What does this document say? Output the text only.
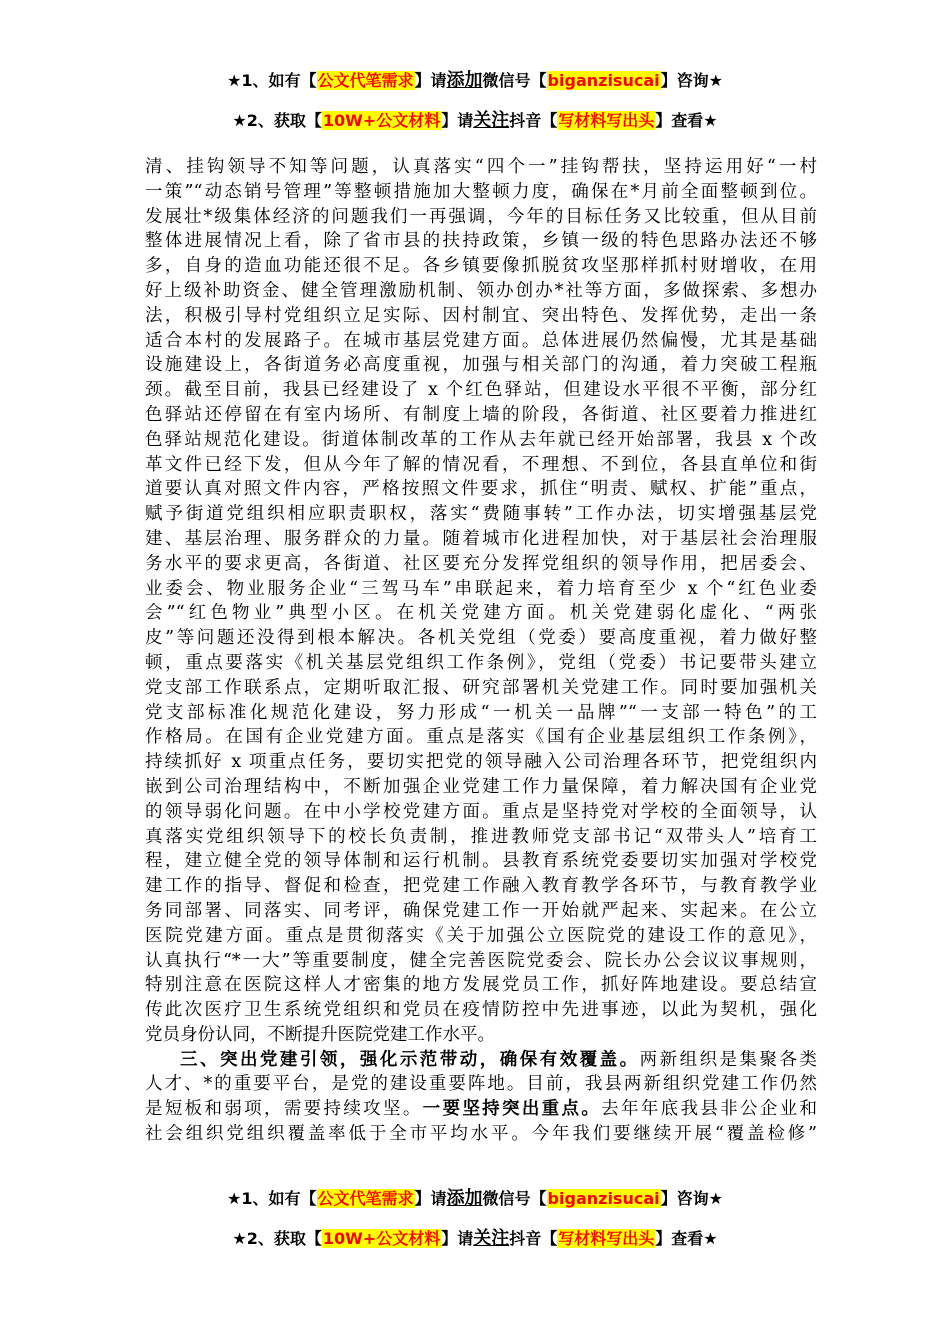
★1、如有【公文代笔需求】请添加微信号【biganzisucai】咨询★
★2、获取【10W+公文材料】请关注抖音【写材料写出头】查看★
清、挂钩领导不知等问题，认真落实“四个一”挂钩帮扶，坚持运用好“一村
一策”“动态销号管理”等整顿措施加大整顿力度，确保在*月前全面整顿到位。
发展壮*级集体经济的问题我们一再强调，今年的目标任务又比较重，但从目前
整体进展情况上看，除了省市县的扶持政策，乡镇一级的特色思路办法还不够
多，自身的造血功能还很不足。各乡镇要像抓脱贫攻坚那样抓村财增收，在用
好上级补助资金、健全管理激励机制、领办创办*社等方面，多做探索、多想办
法，积极引导村党组织立足实际、因村制宜、突出特色、发挥优势，走出一条
适合本村的发展路子。在城市基层党建方面。总体进展仍然偏慢，尤其是基础
设施建设上，各街道务必高度重视，加强与相关部门的沟通，着力突破工程瓶
颈。截至目前，我县已经建设了 x 个红色驿站，但建设水平很不平衡，部分红
色驿站还停留在有室内场所、有制度上墙的阶段，各街道、社区要着力推进红
色驿站规范化建设。街道体制改革的工作从去年就已经开始部署，我县 x 个改
革文件已经下发，但从今年了解的情况看，不理想、不到位，各县直单位和街
道要认真对照文件内容，严格按照文件要求，抓住“明责、赋权、扩能”重点，
赋予街道党组织相应职责职权，落实“费随事转”工作办法，切实增强基层党
建、基层治理、服务群众的力量。随着城市化进程加快，对于基层社会治理服
务水平的要求更高，各街道、社区要充分发挥党组织的领导作用，把居委会、
业委会、物业服务企业“三驾马车”串联起来，着力培育至少 x 个“红色业委
会”“红色物业”典型小区。在机关党建方面。机关党建弱化虚化、“两张
皮”等问题还没得到根本解决。各机关党组（党委）要高度重视，着力做好整
顿，重点要落实《机关基层党组织工作条例》，党组（党委）书记要带头建立
党支部工作联系点，定期听取汇报、研究部署机关党建工作。同时要加强机关
党支部标准化规范化建设，努力形成“一机关一品牌”“一支部一特色”的工
作格局。在国有企业党建方面。重点是落实《国有企业基层组织工作条例》，
持续抓好 x 项重点任务，要切实把党的领导融入公司治理各环节，把党组织内
嵌到公司治理结构中，不断加强企业党建工作力量保障，着力解决国有企业党
的领导弱化问题。在中小学校党建方面。重点是坚持党对学校的全面领导，认
真落实党组织领导下的校长负责制，推进教师党支部书记“双带头人”培育工
程，建立健全党的领导体制和运行机制。县教育系统党委要切实加强对学校党
建工作的指导、督促和检查，把党建工作融入教育教学各环节，与教育教学业
务同部署、同落实、同考评，确保党建工作一开始就严起来、实起来。在公立
医院党建方面。重点是贯彻落实《关于加强公立医院党的建设工作的意见》，
认真执行“*一大”等重要制度，健全完善医院党委会、院长办公会议议事规则，
特别注意在医院这样人才密集的地方发展党员工作，抓好阵地建设。要总结宣
传此次医疗卫生系统党组织和党员在疫情防控中先进事迹，以此为契机，强化
党员身份认同，不断提升医院党建工作水平。
三、突出党建引领，强化示范带动，确保有效覆盖。两新组织是集聚各类
人才、*的重要平台，是党的建设重要阵地。目前，我县两新组织党建工作仍然
是短板和弱项，需要持续攻坚。一要坚持突出重点。去年年底我县非公企业和
社会组织党组织覆盖率低于全市平均水平。今年我们要继续开展“覆盖检修”
★1、如有【公文代笔需求】请添加微信号【biganzisucai】咨询★
★2、获取【10W+公文材料】请关注抖音【写材料写出头】查看★
